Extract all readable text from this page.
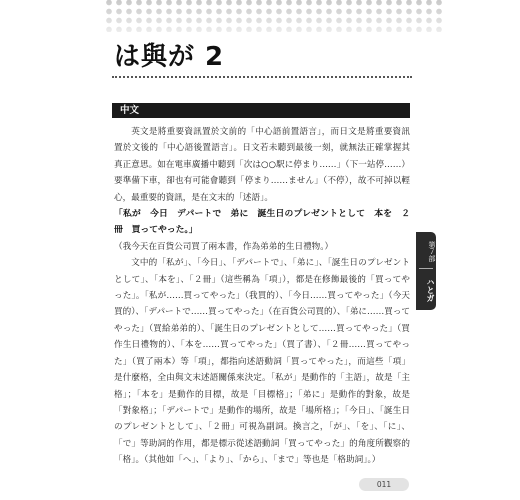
は與が 2
中文

英文是將重要資訊置於文前的「中心語前置語言」，而日文是將重要資訊置於文後的「中心語後置語言」。日文若未聽到最後一刻，就無法正確掌握其真正意思。如在電車廣播中聽到「次は○○駅に停まり……」（下一站停……）要準備下車，卻也有可能會聽到「停まり……ません」（不停），故不可掉以輕心，最重要的資訊，是在文末的「述語」。

「私が　今日　デパートで　弟に　誕生日のプレゼントとして　本を　２冊　買ってやった。」

（我今天在百貨公司買了兩本書，作為弟弟的生日禮物。）

文中的「私が」、「今日」、「デパートで」、「弟に」、「誕生日のプレゼントとして」、「本を」、「２冊」（這些稱為「項」），都是在修飾最後的「買ってやった」。「私が……買ってやった」（我買的）、「今日……買ってやった」（今天買的）、「デパートで……買ってやった」（在百貨公司買的）、「弟に……買ってやった」（買給弟弟的）、「誕生日のプレゼントとして……買ってやった」（買作生日禮物的）、「本を……買ってやった」（買了書）、「２冊……買ってやった」（買了兩本）等「項」，都指向述語動詞「買ってやった」，而這些「項」是什麼格，全由與文末述語關係來決定。「私が」是動作的「主語」，故是「主格」；「本を」是動作的目標，故是「目標格」；「弟に」是動作的對象，故是「對象格」；「デパートで」是動作的場所，故是「場所格」；「今日」、「誕生日のプレゼントとして」、「２冊」可視為副詞。換言之，「が」、「を」、「に」、「で」等助詞的作用，都是標示從述語動詞「買ってやった」的角度所觀察的「格」。（其他如「へ」、「より」、「から」、「まで」等也是「格助詞」。）

第７部
ハとガ
011
